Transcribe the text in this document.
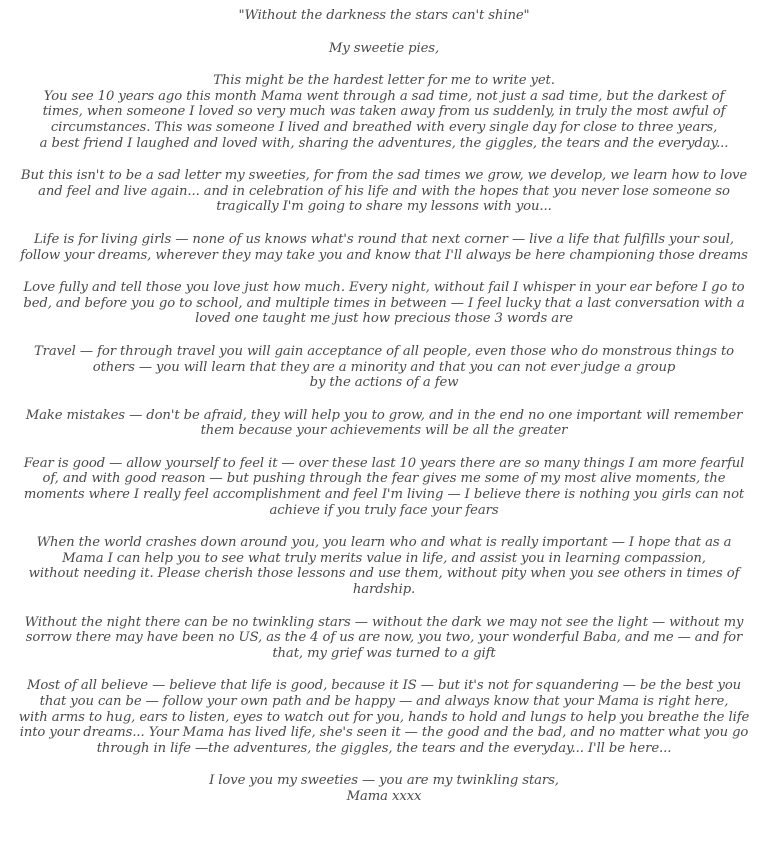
"Without the darkness the stars can't shine"

My sweetie pies,

This might be the hardest letter for me to write yet.
You see 10 years ago this month Mama went through a sad time, not just a sad time, but the darkest of
times, when someone I loved so very much was taken away from us suddenly, in truly the most awful of
circumstances. This was someone I lived and breathed with every single day for close to three years,
a best friend I laughed and loved with, sharing the adventures, the giggles, the tears and the everyday...

But this isn't to be a sad letter my sweeties, for from the sad times we grow, we develop, we learn how to love
and feel and live again... and in celebration of his life and with the hopes that you never lose someone so
tragically I'm going to share my lessons with you...

Life is for living girls — none of us knows what's round that next corner — live a life that fulfills your soul,
follow your dreams, wherever they may take you and know that I'll always be here championing those dreams

Love fully and tell those you love just how much. Every night, without fail I whisper in your ear before I go to
bed, and before you go to school, and multiple times in between — I feel lucky that a last conversation with a
loved one taught me just how precious those 3 words are

Travel — for through travel you will gain acceptance of all people, even those who do monstrous things to
others — you will learn that they are a minority and that you can not ever judge a group
by the actions of a few

Make mistakes — don't be afraid, they will help you to grow, and in the end no one important will remember
them because your achievements will be all the greater

Fear is good — allow yourself to feel it — over these last 10 years there are so many things I am more fearful
of, and with good reason — but pushing through the fear gives me some of my most alive moments, the
moments where I really feel accomplishment and feel I'm living — I believe there is nothing you girls can not
achieve if you truly face your fears

When the world crashes down around you, you learn who and what is really important — I hope that as a
Mama I can help you to see what truly merits value in life, and assist you in learning compassion,
without needing it. Please cherish those lessons and use them, without pity when you see others in times of
hardship.

Without the night there can be no twinkling stars — without the dark we may not see the light — without my
sorrow there may have been no US, as the 4 of us are now, you two, your wonderful Baba, and me — and for
that, my grief was turned to a gift

Most of all believe — believe that life is good, because it IS — but it's not for squandering — be the best you
that you can be — follow your own path and be happy — and always know that your Mama is right here,
with arms to hug, ears to listen, eyes to watch out for you, hands to hold and lungs to help you breathe the life
into your dreams... Your Mama has lived life, she's seen it — the good and the bad, and no matter what you go
through in life —the adventures, the giggles, the tears and the everyday... I'll be here...

I love you my sweeties — you are my twinkling stars,
Mama xxxx
